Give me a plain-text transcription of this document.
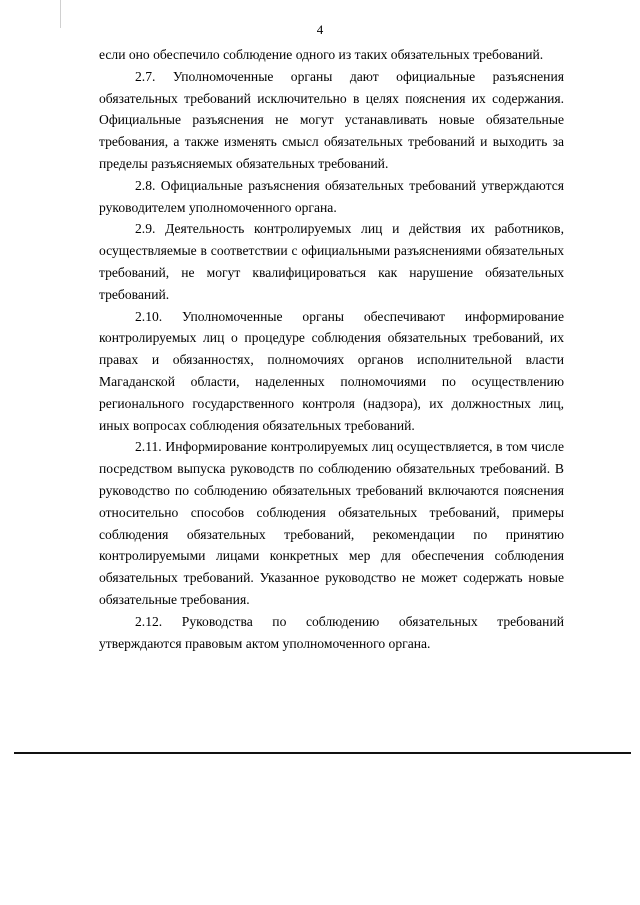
4

если оно обеспечило соблюдение одного из таких обязательных требований.

2.7. Уполномоченные органы дают официальные разъяснения обязательных требований исключительно в целях пояснения их содержания. Официальные разъяснения не могут устанавливать новые обязательные требования, а также изменять смысл обязательных требований и выходить за пределы разъясняемых обязательных требований.

2.8. Официальные разъяснения обязательных требований утверждаются руководителем уполномоченного органа.

2.9. Деятельность контролируемых лиц и действия их работников, осуществляемые в соответствии с официальными разъяснениями обязательных требований, не могут квалифицироваться как нарушение обязательных требований.

2.10. Уполномоченные органы обеспечивают информирование контролируемых лиц о процедуре соблюдения обязательных требований, их правах и обязанностях, полномочиях органов исполнительной власти Магаданской области, наделенных полномочиями по осуществлению регионального государственного контроля (надзора), их должностных лиц, иных вопросах соблюдения обязательных требований.

2.11. Информирование контролируемых лиц осуществляется, в том числе посредством выпуска руководств по соблюдению обязательных требований. В руководство по соблюдению обязательных требований включаются пояснения относительно способов соблюдения обязательных требований, примеры соблюдения обязательных требований, рекомендации по принятию контролируемыми лицами конкретных мер для обеспечения соблюдения обязательных требований. Указанное руководство не может содержать новые обязательные требования.

2.12. Руководства по соблюдению обязательных требований утверждаются правовым актом уполномоченного органа.
